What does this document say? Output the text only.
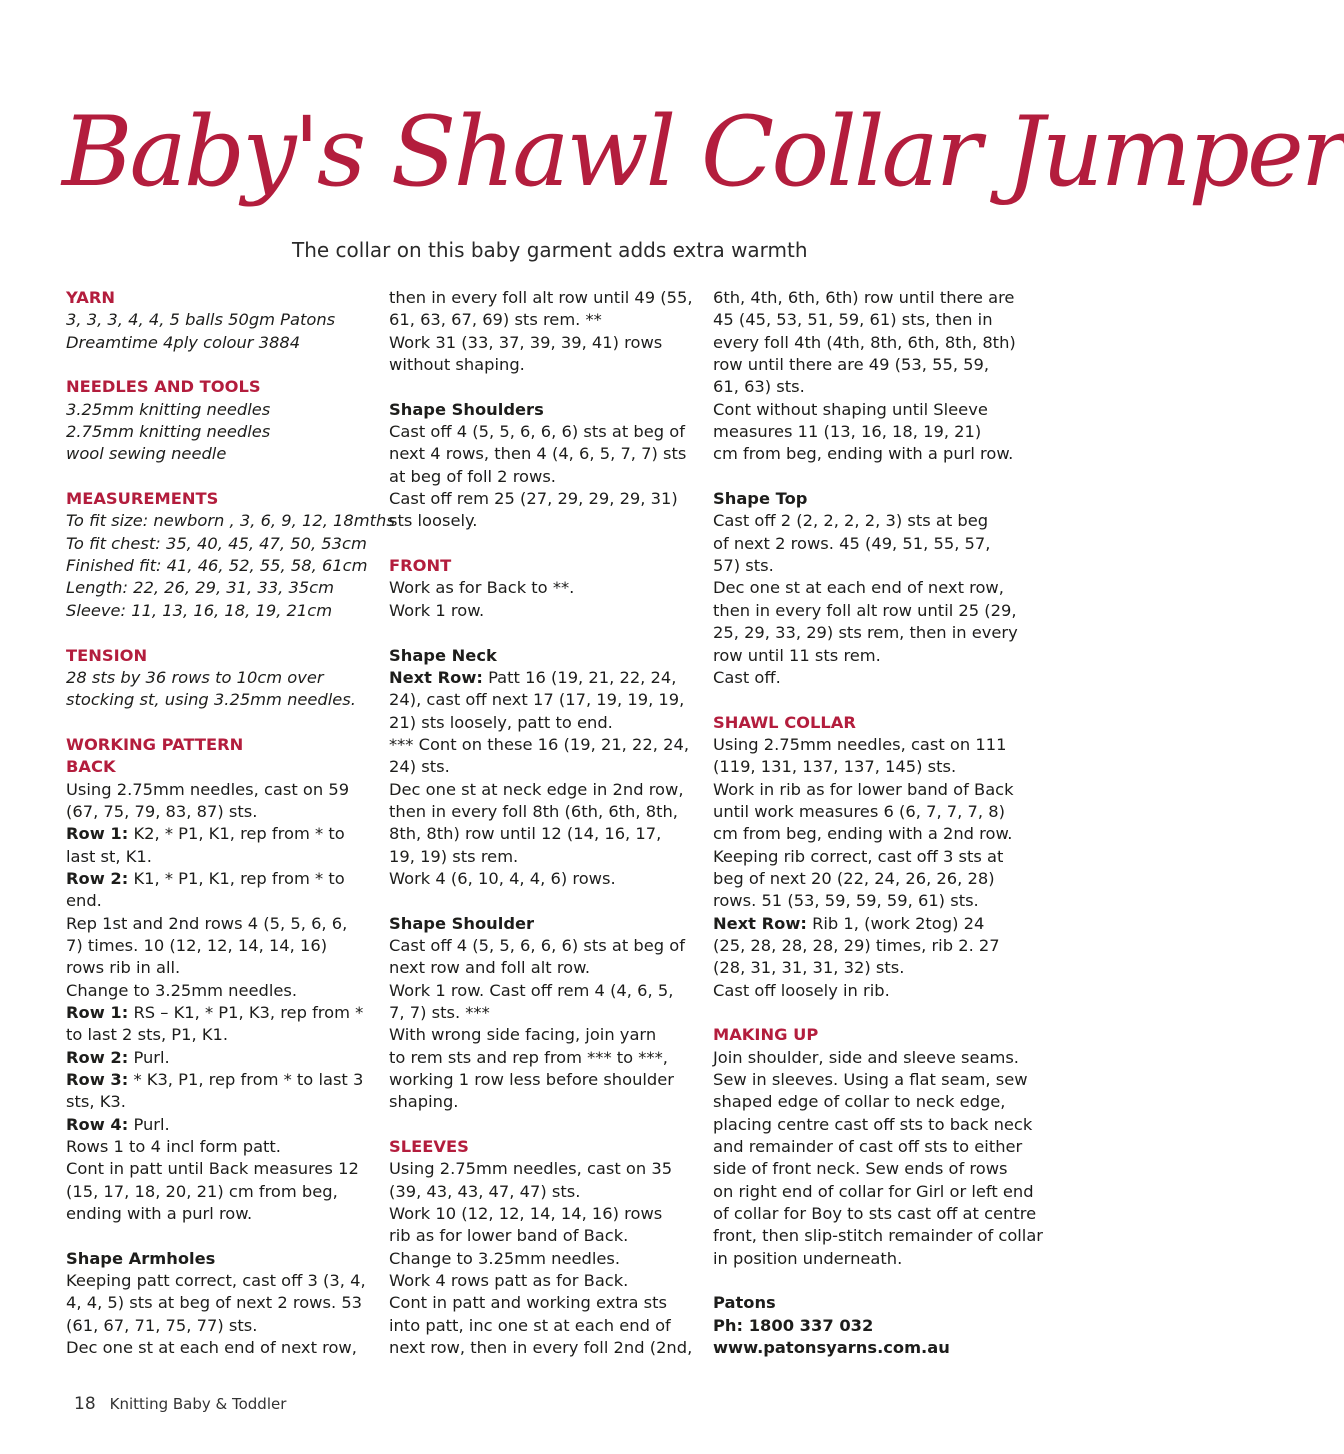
Baby's Shawl Collar Jumper
The collar on this baby garment adds extra warmth
YARN
3, 3, 3, 4, 4, 5 balls 50gm Patons
Dreamtime 4ply colour 3884
NEEDLES AND TOOLS
3.25mm knitting needles
2.75mm knitting needles
wool sewing needle
MEASUREMENTS
To fit size: newborn , 3, 6, 9, 12, 18mths
To fit chest: 35, 40, 45, 47, 50, 53cm
Finished fit: 41, 46, 52, 55, 58, 61cm
Length: 22, 26, 29, 31, 33, 35cm
Sleeve: 11, 13, 16, 18, 19, 21cm
TENSION
28 sts by 36 rows to 10cm over
stocking st, using 3.25mm needles.
WORKING PATTERN
BACK
Using 2.75mm needles, cast on 59
(67, 75, 79, 83, 87) sts.
Row 1: K2, * P1, K1, rep from * to
last st, K1.
Row 2: K1, * P1, K1, rep from * to
end.
Rep 1st and 2nd rows 4 (5, 5, 6, 6,
7) times. 10 (12, 12, 14, 14, 16)
rows rib in all.
Change to 3.25mm needles.
Row 1: RS – K1, * P1, K3, rep from *
to last 2 sts, P1, K1.
Row 2: Purl.
Row 3: * K3, P1, rep from * to last 3
sts, K3.
Row 4: Purl.
Rows 1 to 4 incl form patt.
Cont in patt until Back measures 12
(15, 17, 18, 20, 21) cm from beg,
ending with a purl row.
Shape Armholes
Keeping patt correct, cast off 3 (3, 4,
4, 4, 5) sts at beg of next 2 rows. 53
(61, 67, 71, 75, 77) sts.
Dec one st at each end of next row,
then in every foll alt row until 49 (55,
61, 63, 67, 69) sts rem. **
Work 31 (33, 37, 39, 39, 41) rows
without shaping.
Shape Shoulders
Cast off 4 (5, 5, 6, 6, 6) sts at beg of
next 4 rows, then 4 (4, 6, 5, 7, 7) sts
at beg of foll 2 rows.
Cast off rem 25 (27, 29, 29, 29, 31)
sts loosely.
FRONT
Work as for Back to **.
Work 1 row.
Shape Neck
Next Row: Patt 16 (19, 21, 22, 24,
24), cast off next 17 (17, 19, 19, 19,
21) sts loosely, patt to end.
*** Cont on these 16 (19, 21, 22, 24,
24) sts.
Dec one st at neck edge in 2nd row,
then in every foll 8th (6th, 6th, 8th,
8th, 8th) row until 12 (14, 16, 17,
19, 19) sts rem.
Work 4 (6, 10, 4, 4, 6) rows.
Shape Shoulder
Cast off 4 (5, 5, 6, 6, 6) sts at beg of
next row and foll alt row.
Work 1 row. Cast off rem 4 (4, 6, 5,
7, 7) sts. ***
With wrong side facing, join yarn
to rem sts and rep from *** to ***,
working 1 row less before shoulder
shaping.
SLEEVES
Using 2.75mm needles, cast on 35
(39, 43, 43, 47, 47) sts.
Work 10 (12, 12, 14, 14, 16) rows
rib as for lower band of Back.
Change to 3.25mm needles.
Work 4 rows patt as for Back.
Cont in patt and working extra sts
into patt, inc one st at each end of
next row, then in every foll 2nd (2nd,
6th, 4th, 6th, 6th) row until there are
45 (45, 53, 51, 59, 61) sts, then in
every foll 4th (4th, 8th, 6th, 8th, 8th)
row until there are 49 (53, 55, 59,
61, 63) sts.
Cont without shaping until Sleeve
measures 11 (13, 16, 18, 19, 21)
cm from beg, ending with a purl row.
Shape Top
Cast off 2 (2, 2, 2, 2, 3) sts at beg
of next 2 rows. 45 (49, 51, 55, 57,
57) sts.
Dec one st at each end of next row,
then in every foll alt row until 25 (29,
25, 29, 33, 29) sts rem, then in every
row until 11 sts rem.
Cast off.
SHAWL COLLAR
Using 2.75mm needles, cast on 111
(119, 131, 137, 137, 145) sts.
Work in rib as for lower band of Back
until work measures 6 (6, 7, 7, 7, 8)
cm from beg, ending with a 2nd row.
Keeping rib correct, cast off 3 sts at
beg of next 20 (22, 24, 26, 26, 28)
rows. 51 (53, 59, 59, 59, 61) sts.
Next Row: Rib 1, (work 2tog) 24
(25, 28, 28, 28, 29) times, rib 2. 27
(28, 31, 31, 31, 32) sts.
Cast off loosely in rib.
MAKING UP
Join shoulder, side and sleeve seams.
Sew in sleeves. Using a flat seam, sew
shaped edge of collar to neck edge,
placing centre cast off sts to back neck
and remainder of cast off sts to either
side of front neck. Sew ends of rows
on right end of collar for Girl or left end
of collar for Boy to sts cast off at centre
front, then slip-stitch remainder of collar
in position underneath.
Patons
Ph: 1800 337 032
www.patonsyarns.com.au
18 Knitting Baby & Toddler
